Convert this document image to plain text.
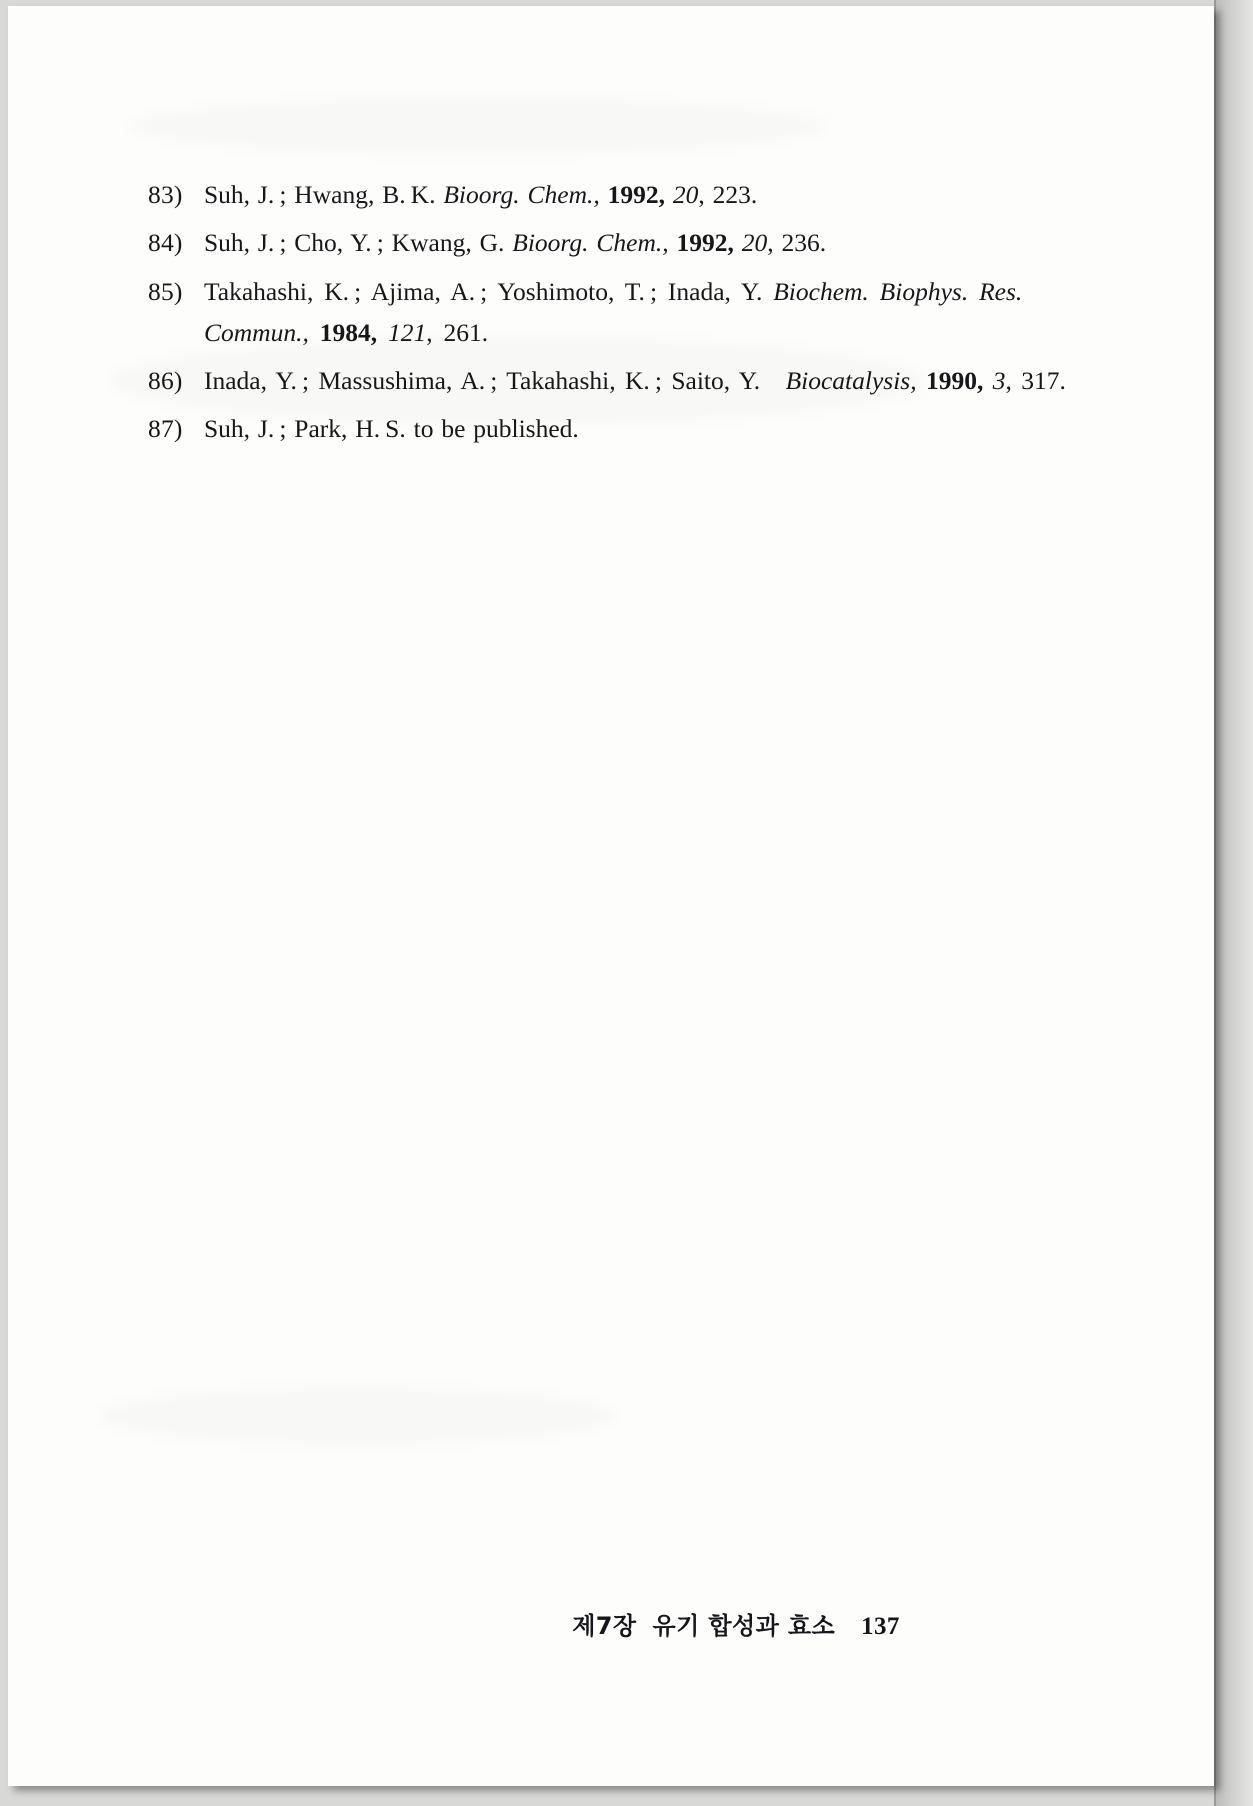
83) Suh, J. ; Hwang, B. K. Bioorg. Chem., 1992, 20, 223.
84) Suh, J. ; Cho, Y. ; Kwang, G. Bioorg. Chem., 1992, 20, 236.
85) Takahashi, K. ; Ajima, A. ; Yoshimoto, T. ; Inada, Y. Biochem. Biophys. Res. Commun., 1984, 121, 261.
86) Inada, Y. ; Massushima, A. ; Takahashi, K. ; Saito, Y. Biocatalysis, 1990, 3, 317.
87) Suh, J. ; Park, H. S. to be published.
제7장 유기 합성과 효소 137
